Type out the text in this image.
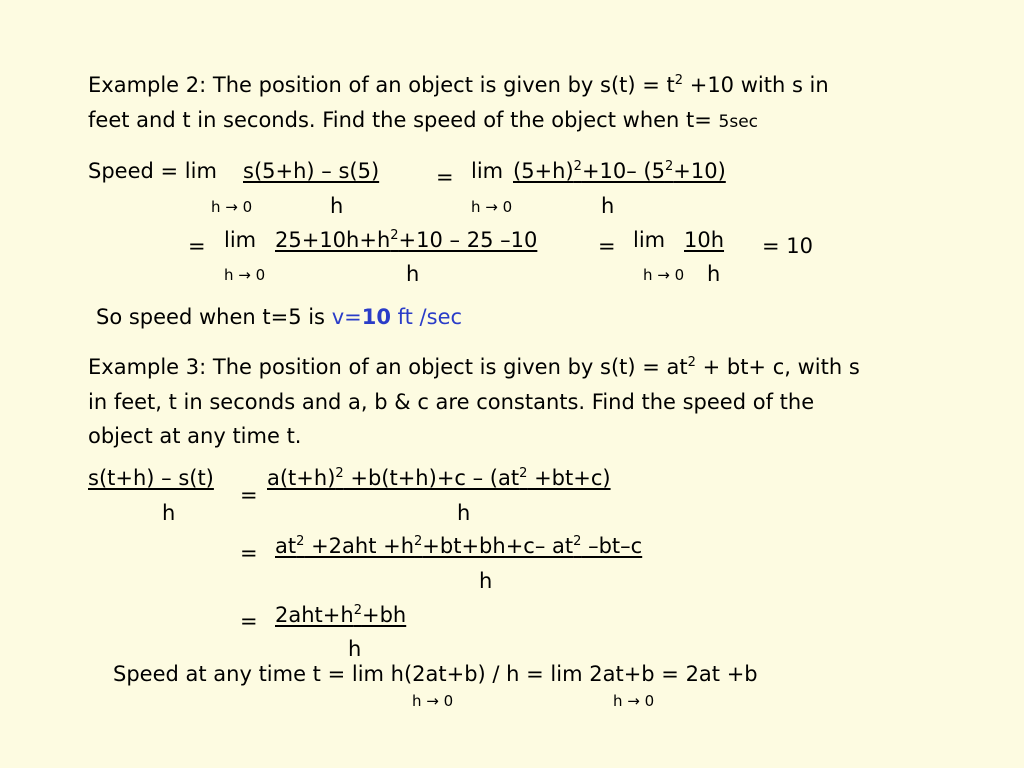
Example 2: The position of an object is given by $s(t) = t^2 +10$ with s in
feet and t in seconds. Find the speed of the object when t= 5sec
Speed = lim s(5+h) – s(5)
h
h → 0
= $\lim (5+h)^2+10-$ $(5^2+10)$
h
h → 0
= $\lim 25+10h+h^2+10 - 25$ –10
h
h → 0
= lim 10h
h
h → 0
= 10
So speed when t=5 is v=10 ft /sec
Example 3: The position of an object is given by $s(t) = at^2 + bt+ c$, with s
in feet, t in seconds and a, b & c are constants. Find the speed of the
object at any time t.
s(t+h) – s(t)
h
=
$a(t+h)^2 +b(t+h)+c - (at^2 +bt+c)$
h
= $at^2 +2aht +h^2+bt+bh+c-$ $at^2$ –bt–c
h
= $2aht+h^2+bh$
h
Speed at any time t = lim h(2at+b) / h = lim 2at+b = 2at +b
h → 0	h → 0
